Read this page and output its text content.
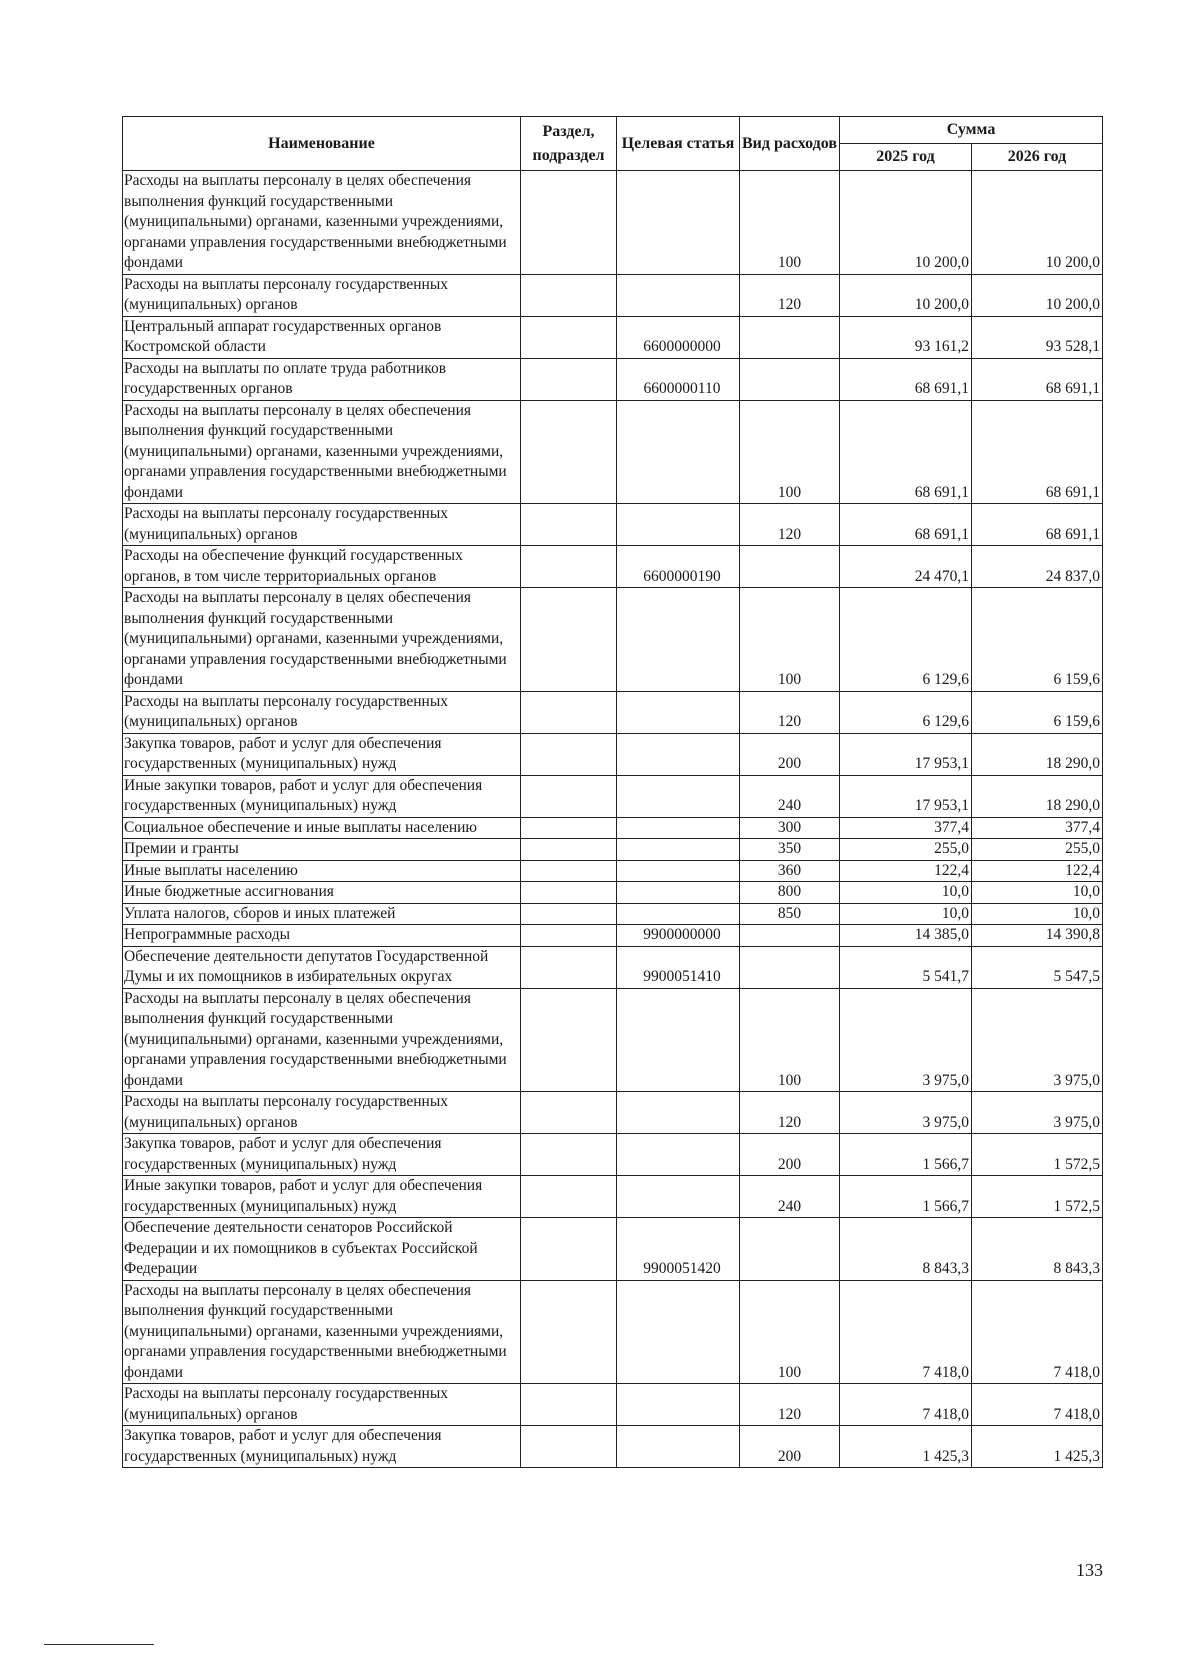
Наименование	Раздел, подраздел	Целевая статья	Вид расходов	Сумма	
				2025 год	2026 год
Расходы на выплаты персоналу в целях обеспечения выполнения функций государственными (муниципальными) органами, казенными учреждениями, органами управления государственными внебюджетными фондами			100	10 200,0	10 200,0
Расходы на выплаты персоналу государственных (муниципальных) органов			120	10 200,0	10 200,0
Центральный аппарат государственных органов Костромской области		6600000000		93 161,2	93 528,1
Расходы на выплаты по оплате труда работников государственных органов		6600000110		68 691,1	68 691,1
Расходы на выплаты персоналу в целях обеспечения выполнения функций государственными (муниципальными) органами, казенными учреждениями, органами управления государственными внебюджетными фондами			100	68 691,1	68 691,1
Расходы на выплаты персоналу государственных (муниципальных) органов			120	68 691,1	68 691,1
Расходы на обеспечение функций государственных органов, в том числе территориальных органов		6600000190		24 470,1	24 837,0
Расходы на выплаты персоналу в целях обеспечения выполнения функций государственными (муниципальными) органами, казенными учреждениями, органами управления государственными внебюджетными фондами			100	6 129,6	6 159,6
Расходы на выплаты персоналу государственных (муниципальных) органов			120	6 129,6	6 159,6
Закупка товаров, работ и услуг для обеспечения государственных (муниципальных) нужд			200	17 953,1	18 290,0
Иные закупки товаров, работ и услуг для обеспечения государственных (муниципальных) нужд			240	17 953,1	18 290,0
Социальное обеспечение и иные выплаты населению			300	377,4	377,4
Премии и гранты			350	255,0	255,0
Иные выплаты населению			360	122,4	122,4
Иные бюджетные ассигнования			800	10,0	10,0
Уплата налогов, сборов и иных платежей			850	10,0	10,0
Непрограммные расходы		9900000000		14 385,0	14 390,8
Обеспечение деятельности депутатов Государственной Думы и их помощников в избирательных округах		9900051410		5 541,7	5 547,5
Расходы на выплаты персоналу в целях обеспечения выполнения функций государственными (муниципальными) органами, казенными учреждениями, органами управления государственными внебюджетными фондами			100	3 975,0	3 975,0
Расходы на выплаты персоналу государственных (муниципальных) органов			120	3 975,0	3 975,0
Закупка товаров, работ и услуг для обеспечения государственных (муниципальных) нужд			200	1 566,7	1 572,5
Иные закупки товаров, работ и услуг для обеспечения государственных (муниципальных) нужд			240	1 566,7	1 572,5
Обеспечение деятельности сенаторов Российской Федерации и их помощников в субъектах Российской Федерации		9900051420		8 843,3	8 843,3
Расходы на выплаты персоналу в целях обеспечения выполнения функций государственными (муниципальными) органами, казенными учреждениями, органами управления государственными внебюджетными фондами			100	7 418,0	7 418,0
Расходы на выплаты персоналу государственных (муниципальных) органов			120	7 418,0	7 418,0
Закупка товаров, работ и услуг для обеспечения государственных (муниципальных) нужд			200	1 425,3	1 425,3
133
